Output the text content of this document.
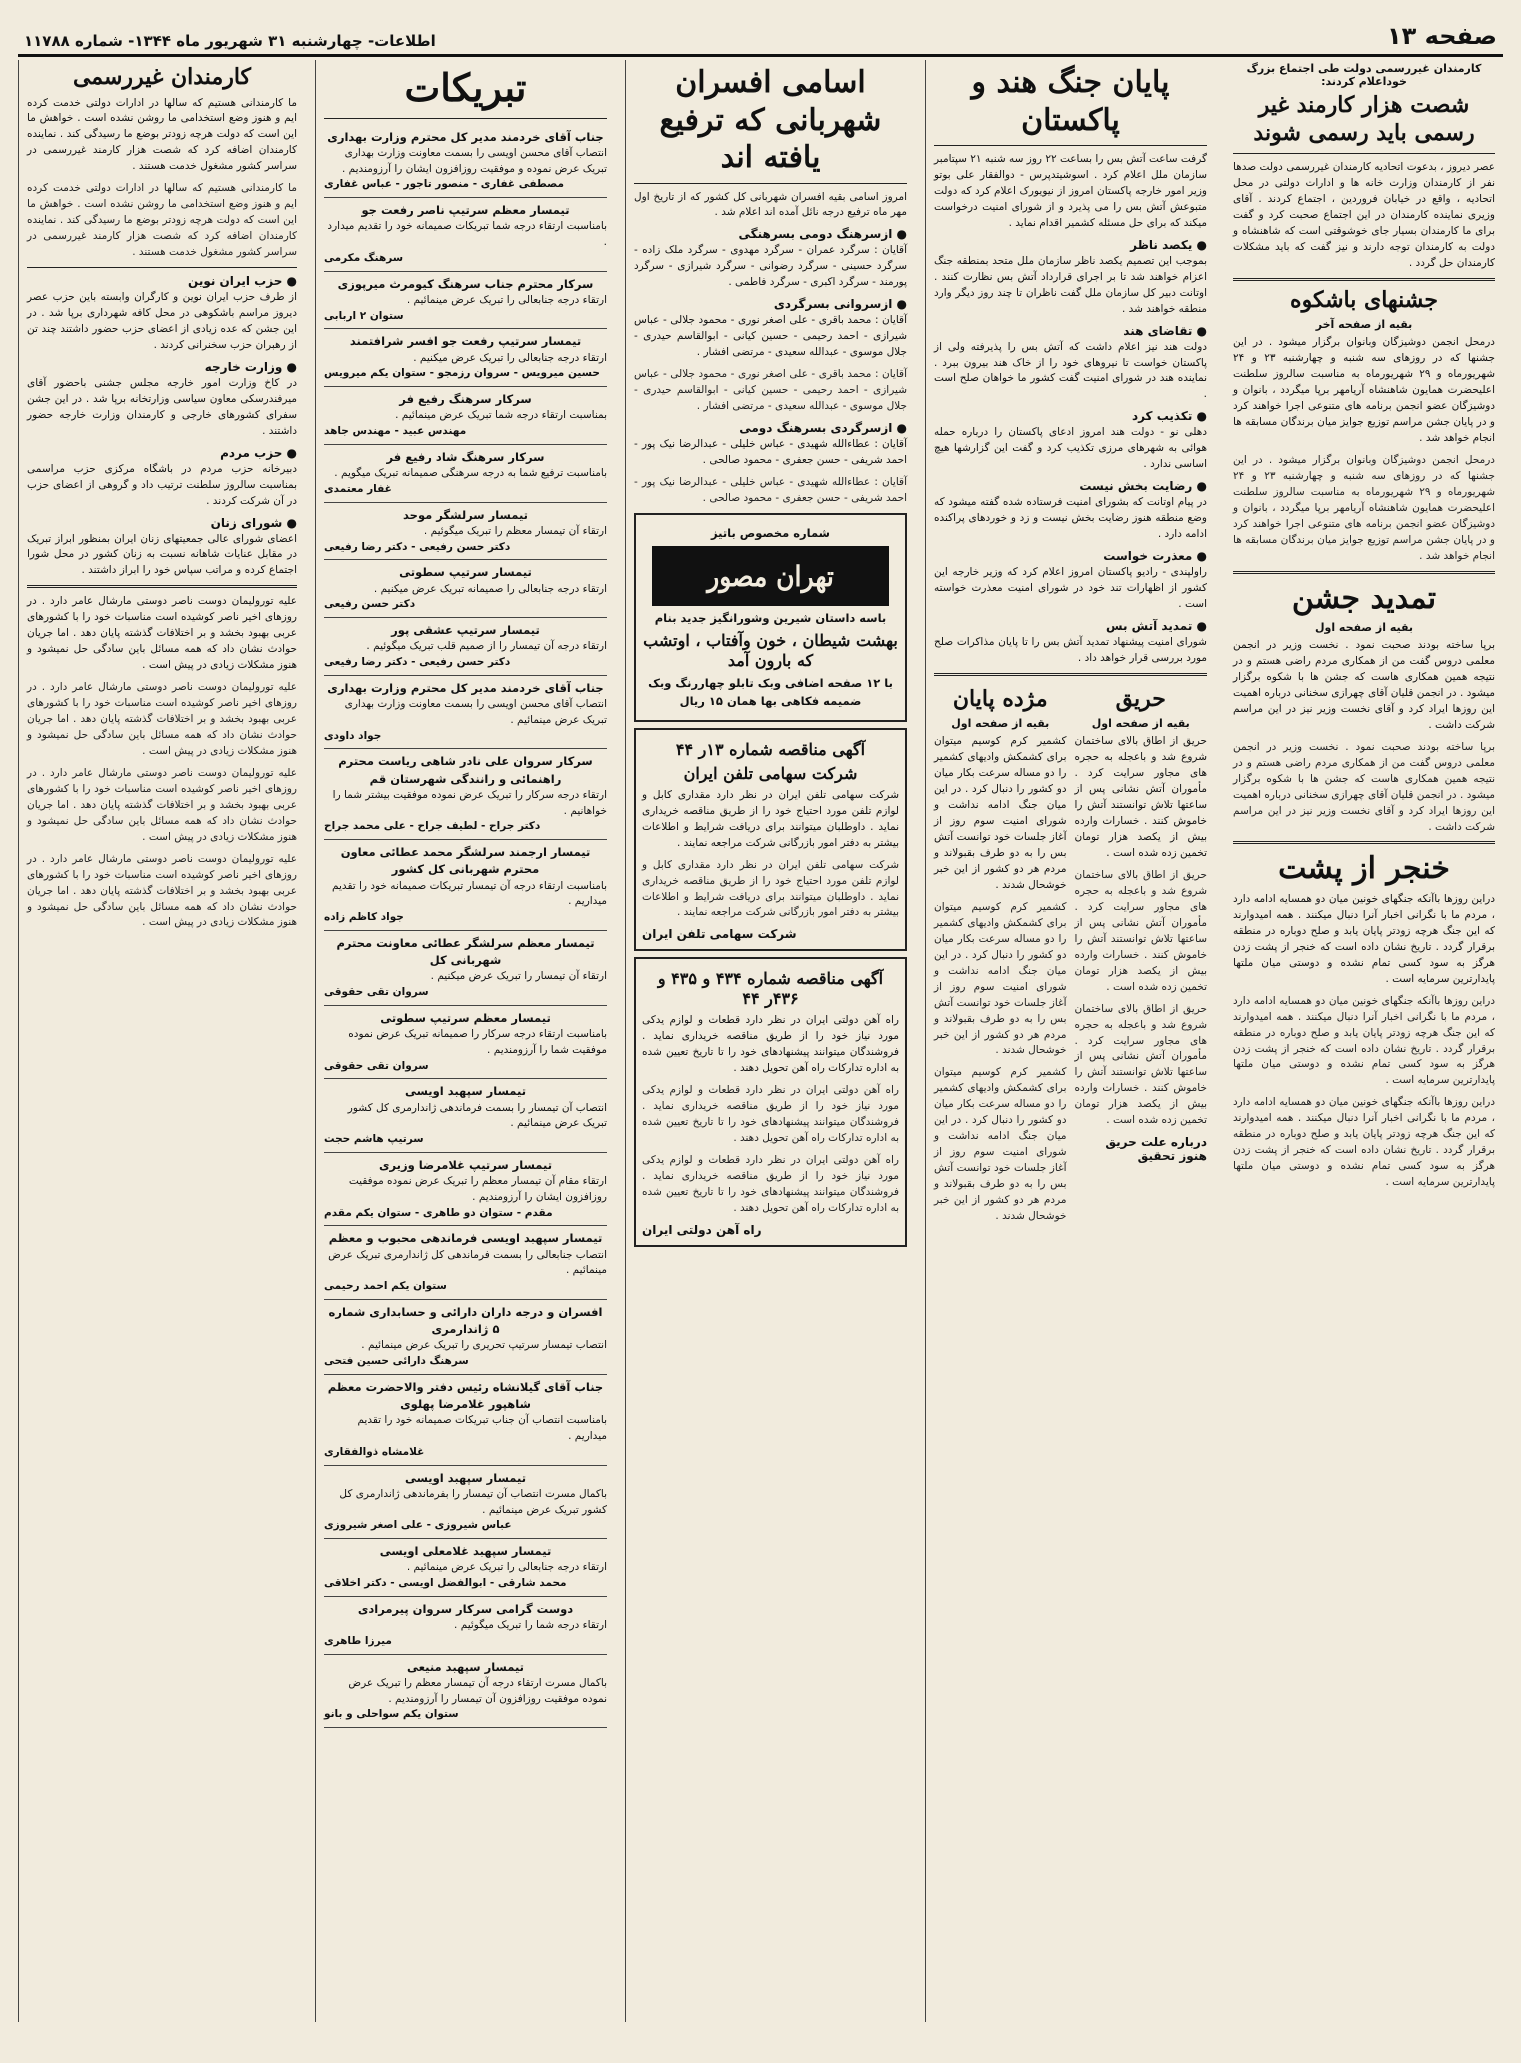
صفحه ۱۳
اطلاعات- چهارشنبه ۳۱ شهریور ماه ۱۳۴۴- شماره ۱۱۷۸۸
کارمندان غیررسمی دولت طی اجتماع بزرگ خوداعلام کردند:
شصت هزار کارمند غیر رسمی باید رسمی شوند

عصر دیروز ، بدعوت اتحادیه کارمندان غیررسمی دولت صدها نفر از کارمندان وزارت خانه ها و ادارات دولتی در محل اتحادیه ، واقع در خیابان فروردین ، اجتماع کردند . آقای وزیری نماینده کارمندان در این اجتماع صحبت کرد و گفت برای ما کارمندان بسیار جای خوشوقتی است که شاهنشاه و دولت به کارمندان توجه دارند و نیز گفت که باید مشکلات کارمندان حل گردد .

جشنهای باشکوه
بقیه از صفحه آخر

درمحل انجمن دوشیزگان وبانوان برگزار میشود . در این جشنها که در روزهای سه شنبه و چهارشنبه ۲۳ و ۲۴ شهریورماه و ۲۹ شهریورماه به مناسبت سالروز سلطنت اعلیحضرت همایون شاهنشاه آریامهر برپا میگردد ، بانوان و دوشیزگان عضو انجمن برنامه های متنوعی اجرا خواهند کرد و در پایان جشن مراسم توزیع جوایز میان برندگان مسابقه ها انجام خواهد شد .

درمحل انجمن دوشیزگان وبانوان برگزار میشود . در این جشنها که در روزهای سه شنبه و چهارشنبه ۲۳ و ۲۴ شهریورماه و ۲۹ شهریورماه به مناسبت سالروز سلطنت اعلیحضرت همایون شاهنشاه آریامهر برپا میگردد ، بانوان و دوشیزگان عضو انجمن برنامه های متنوعی اجرا خواهند کرد و در پایان جشن مراسم توزیع جوایز میان برندگان مسابقه ها انجام خواهد شد .

تمدید جشن
بقیه از صفحه اول

برپا ساخته بودند صحبت نمود . نخست وزیر در انجمن معلمی دروس گفت من از همکاری مردم راضی هستم و در نتیجه همین همکاری هاست که جشن ها با شکوه برگزار میشود . در انجمن قلیان آقای چهرازی سخنانی درباره اهمیت این روزها ایراد کرد و آقای نخست وزیر نیز در این مراسم شرکت داشت .

برپا ساخته بودند صحبت نمود . نخست وزیر در انجمن معلمی دروس گفت من از همکاری مردم راضی هستم و در نتیجه همین همکاری هاست که جشن ها با شکوه برگزار میشود . در انجمن قلیان آقای چهرازی سخنانی درباره اهمیت این روزها ایراد کرد و آقای نخست وزیر نیز در این مراسم شرکت داشت .

خنجر از پشت

دراین روزها باآنکه جنگهای خونین میان دو همسایه ادامه دارد ، مردم ما با نگرانی اخبار آنرا دنبال میکنند . همه امیدوارند که این جنگ هرچه زودتر پایان یابد و صلح دوباره در منطقه برقرار گردد . تاریخ نشان داده است که خنجر از پشت زدن هرگز به سود کسی تمام نشده و دوستی میان ملتها پایدارترین سرمایه است .

دراین روزها باآنکه جنگهای خونین میان دو همسایه ادامه دارد ، مردم ما با نگرانی اخبار آنرا دنبال میکنند . همه امیدوارند که این جنگ هرچه زودتر پایان یابد و صلح دوباره در منطقه برقرار گردد . تاریخ نشان داده است که خنجر از پشت زدن هرگز به سود کسی تمام نشده و دوستی میان ملتها پایدارترین سرمایه است .

دراین روزها باآنکه جنگهای خونین میان دو همسایه ادامه دارد ، مردم ما با نگرانی اخبار آنرا دنبال میکنند . همه امیدوارند که این جنگ هرچه زودتر پایان یابد و صلح دوباره در منطقه برقرار گردد . تاریخ نشان داده است که خنجر از پشت زدن هرگز به سود کسی تمام نشده و دوستی میان ملتها پایدارترین سرمایه است .

پایان جنگ هند و پاکستان

گرفت ساعت آتش بس را بساعت ۲۲ روز سه شنبه ۲۱ سپتامبر سازمان ملل اعلام کرد . اسوشیتدپرس - دوالفقار علی بوتو وزیر امور خارجه پاکستان امروز از نیویورک اعلام کرد که دولت متبوعش آتش بس را می پذیرد و از شورای امنیت درخواست میکند که برای حل مسئله کشمیر اقدام نماید .

● یکصد ناظر

بموجب این تصمیم یکصد ناظر سازمان ملل متحد بمنطقه جنگ اعزام خواهند شد تا بر اجرای قرارداد آتش بس نظارت کنند . اوتانت دبیر کل سازمان ملل گفت ناظران تا چند روز دیگر وارد منطقه خواهند شد .

● تقاضای هند

دولت هند نیز اعلام داشت که آتش بس را پذیرفته ولی از پاکستان خواست تا نیروهای خود را از خاک هند بیرون ببرد . نماینده هند در شورای امنیت گفت کشور ما خواهان صلح است .

● تکذیب کرد

دهلی نو - دولت هند امروز ادعای پاکستان را درباره حمله هوائی به شهرهای مرزی تکذیب کرد و گفت این گزارشها هیچ اساسی ندارد .

● رضایت بخش نیست

در پیام اوتانت که بشورای امنیت فرستاده شده گفته میشود که وضع منطقه هنوز رضایت بخش نیست و زد و خوردهای پراکنده ادامه دارد .

● معذرت خواست

راولپندی - رادیو پاکستان امروز اعلام کرد که وزیر خارجه این کشور از اظهارات تند خود در شورای امنیت معذرت خواسته است .

● تمدید آتش بس

شورای امنیت پیشنهاد تمدید آتش بس را تا پایان مذاکرات صلح مورد بررسی قرار خواهد داد .

حریق
بقیه از صفحه اول

حریق از اطاق بالای ساختمان شروع شد و باعجله به حجره های مجاور سرایت کرد . مأموران آتش نشانی پس از ساعتها تلاش توانستند آتش را خاموش کنند . خسارات وارده بیش از یکصد هزار تومان تخمین زده شده است .

حریق از اطاق بالای ساختمان شروع شد و باعجله به حجره های مجاور سرایت کرد . مأموران آتش نشانی پس از ساعتها تلاش توانستند آتش را خاموش کنند . خسارات وارده بیش از یکصد هزار تومان تخمین زده شده است .

حریق از اطاق بالای ساختمان شروع شد و باعجله به حجره های مجاور سرایت کرد . مأموران آتش نشانی پس از ساعتها تلاش توانستند آتش را خاموش کنند . خسارات وارده بیش از یکصد هزار تومان تخمین زده شده است .

درباره علت حریق هنوز تحقیق
مژده پایان
بقیه از صفحه اول

کشمیر کرم کوسیم میتوان برای کشمکش وادیهای کشمیر را دو مساله سرعت بکار میان دو کشور را دنبال کرد . در این میان جنگ ادامه نداشت و شورای امنیت سوم روز از آغاز جلسات خود توانست آتش بس را به دو طرف بقبولاند و مردم هر دو کشور از این خبر خوشحال شدند .

کشمیر کرم کوسیم میتوان برای کشمکش وادیهای کشمیر را دو مساله سرعت بکار میان دو کشور را دنبال کرد . در این میان جنگ ادامه نداشت و شورای امنیت سوم روز از آغاز جلسات خود توانست آتش بس را به دو طرف بقبولاند و مردم هر دو کشور از این خبر خوشحال شدند .

کشمیر کرم کوسیم میتوان برای کشمکش وادیهای کشمیر را دو مساله سرعت بکار میان دو کشور را دنبال کرد . در این میان جنگ ادامه نداشت و شورای امنیت سوم روز از آغاز جلسات خود توانست آتش بس را به دو طرف بقبولاند و مردم هر دو کشور از این خبر خوشحال شدند .

اسامی افسران شهربانی که ترفیع یافته اند

امروز اسامی بقیه افسران شهربانی کل کشور که از تاریخ اول مهر ماه ترفیع درجه نائل آمده اند اعلام شد .

● ازسرهنگ دومی بسرهنگی

آقایان : سرگرد عمران - سرگرد مهدوی - سرگرد ملک زاده - سرگرد حسینی - سرگرد رضوانی - سرگرد شیرازی - سرگرد پورمند - سرگرد اکبری - سرگرد فاطمی .

● ازسروانی بسرگردی

آقایان : محمد باقری - علی اصغر نوری - محمود جلالی - عباس شیرازی - احمد رحیمی - حسین کیانی - ابوالقاسم حیدری - جلال موسوی - عبدالله سعیدی - مرتضی افشار .

آقایان : محمد باقری - علی اصغر نوری - محمود جلالی - عباس شیرازی - احمد رحیمی - حسین کیانی - ابوالقاسم حیدری - جلال موسوی - عبدالله سعیدی - مرتضی افشار .

● ازسرگردی بسرهنگ دومی

آقایان : عطاءالله شهیدی - عباس خلیلی - عبدالرضا نیک پور - احمد شریفی - حسن جعفری - محمود صالحی .

آقایان : عطاءالله شهیدی - عباس خلیلی - عبدالرضا نیک پور - احمد شریفی - حسن جعفری - محمود صالحی .

شماره مخصوص باتیز
تهران مصور
باسه داستان شیرین وشورانگیز جدید بنام
بهشت شیطان ، خون وآفتاب ، اوتشب که بارون آمد
با ۱۲ صفحه اضافی وبک تابلو چهاررنگ وبک ضمیمه فکاهی بها همان ۱۵ ریال
آگهی مناقصه شماره ۱۳ر ۴۴
شرکت سهامی تلفن ایران

شرکت سهامی تلفن ایران در نظر دارد مقداری کابل و لوازم تلفن مورد احتیاج خود را از طریق مناقصه خریداری نماید . داوطلبان میتوانند برای دریافت شرایط و اطلاعات بیشتر به دفتر امور بازرگانی شرکت مراجعه نمایند .

شرکت سهامی تلفن ایران در نظر دارد مقداری کابل و لوازم تلفن مورد احتیاج خود را از طریق مناقصه خریداری نماید . داوطلبان میتوانند برای دریافت شرایط و اطلاعات بیشتر به دفتر امور بازرگانی شرکت مراجعه نمایند .

شرکت سهامی تلفن ایران
آگهی مناقصه شماره ۴۳۴ و ۴۳۵ و ۴۳۶ر ۴۴

راه آهن دولتی ایران در نظر دارد قطعات و لوازم یدکی مورد نیاز خود را از طریق مناقصه خریداری نماید . فروشندگان میتوانند پیشنهادهای خود را تا تاریخ تعیین شده به اداره تدارکات راه آهن تحویل دهند .

راه آهن دولتی ایران در نظر دارد قطعات و لوازم یدکی مورد نیاز خود را از طریق مناقصه خریداری نماید . فروشندگان میتوانند پیشنهادهای خود را تا تاریخ تعیین شده به اداره تدارکات راه آهن تحویل دهند .

راه آهن دولتی ایران در نظر دارد قطعات و لوازم یدکی مورد نیاز خود را از طریق مناقصه خریداری نماید . فروشندگان میتوانند پیشنهادهای خود را تا تاریخ تعیین شده به اداره تدارکات راه آهن تحویل دهند .

راه آهن دولتی ایران
تبریکات
جناب آقای خردمند مدیر کل محترم وزارت بهداری
انتصاب آقای محسن اویسی را بسمت معاونت وزارت بهداری تبریک عرض نموده و موفقیت روزافزون ایشان را آرزومندیم .
مصطفی غفاری - منصور تاجور - عباس غفاری
تیمسار معظم سرتیپ ناصر رفعت جو
بامناسبت ارتقاء درجه شما تبریکات صمیمانه خود را تقدیم میدارد .
سرهنگ مکرمی
سرکار محترم جناب سرهنگ کیومرث میرپوزی
ارتقاء درجه جنابعالی را تبریک عرض مینمائیم .
ستوان ۲ اربابی
تیمسار سرتیپ رفعت جو افسر شرافتمند
ارتقاء درجه جنابعالی را تبریک عرض میکنیم .
حسین میرویس - سروان رزمجو - ستوان یکم میرویس
سرکار سرهنگ رفیع فر
بمناسبت ارتقاء درجه شما تبریک عرض مینمائیم .
مهندس عبید - مهندس جاهد
سرکار سرهنگ شاد رفیع فر
بامناسبت ترفیع شما به درجه سرهنگی صمیمانه تبریک میگویم .
غفار معتمدی
تیمسار سرلشگر موحد
ارتقاء آن تیمسار معظم را تبریک میگوئیم .
دکتر حسن رفیعی - دکتر رضا رفیعی
تیمسار سرتیپ سطوتی
ارتقاء درجه جنابعالی را صمیمانه تبریک عرض میکنیم .
دکتر حسن رفیعی
تیمسار سرتیپ عشقی پور
ارتقاء درجه آن تیمسار را از صمیم قلب تبریک میگوئیم .
دکتر حسن رفیعی - دکتر رضا رفیعی
جناب آقای خردمند مدیر کل محترم وزارت بهداری
انتصاب آقای محسن اویسی را بسمت معاونت وزارت بهداری تبریک عرض مینمائیم .
جواد داودی
سرکار سروان علی نادر شاهی ریاست محترم راهنمائی و رانندگی شهرستان قم
ارتقاء درجه سرکار را تبریک عرض نموده موفقیت بیشتر شما را خواهانیم .
دکتر جراح - لطیف جراح - علی محمد جراح
تیمسار ارجمند سرلشگر محمد عطائی معاون محترم شهربانی کل کشور
بامناسبت ارتقاء درجه آن تیمسار تبریکات صمیمانه خود را تقدیم میداریم .
جواد کاظم زاده
تیمسار معظم سرلشگر عطائی معاونت محترم شهربانی کل
ارتقاء آن تیمسار را تبریک عرض میکنیم .
سروان تقی حقوقی
تیمسار معظم سرتیپ سطوتی
بامناسبت ارتقاء درجه سرکار را صمیمانه تبریک عرض نموده موفقیت شما را آرزومندیم .
سروان تقی حقوقی
تیمسار سپهبد اویسی
انتصاب آن تیمسار را بسمت فرماندهی ژاندارمری کل کشور تبریک عرض مینمائیم .
سرتیپ هاشم حجت
تیمسار سرتیپ غلامرضا وزیری
ارتقاء مقام آن تیمسار معظم را تبریک عرض نموده موفقیت روزافزون ایشان را آرزومندیم .
مقدم - ستوان دو طاهری - ستوان یکم مقدم
تیمسار سپهبد اویسی فرماندهی محبوب و معظم
انتصاب جنابعالی را بسمت فرماندهی کل ژاندارمری تبریک عرض مینمائیم .
ستوان یکم احمد رحیمی
افسران و درجه داران دارائی و حسابداری شماره ۵ ژاندارمری
انتصاب تیمسار سرتیپ تحریری را تبریک عرض مینمائیم .
سرهنگ دارائی حسین فتحی
جناب آقای گیلانشاه رئیس دفتر والاحضرت معظم شاهپور غلامرضا پهلوی
بامناسبت انتصاب آن جناب تبریکات صمیمانه خود را تقدیم میداریم .
غلامشاه ذوالفقاری
تیمسار سپهبد اویسی
باکمال مسرت انتصاب آن تیمسار را بفرماندهی ژاندارمری کل کشور تبریک عرض مینمائیم .
عباس شیروزی - علی اصغر شیروزی
تیمسار سپهبد غلامعلی اویسی
ارتقاء درجه جنابعالی را تبریک عرض مینمائیم .
محمد شارقی - ابوالفضل اویسی - دکتر اخلاقی
دوست گرامی سرکار سروان پیرمرادی
ارتقاء درجه شما را تبریک میگوئیم .
میرزا طاهری
تیمسار سپهبد منیعی
باکمال مسرت ارتقاء درجه آن تیمسار معظم را تبریک عرض نموده موفقیت روزافزون آن تیمسار را آرزومندیم .
ستوان یکم سواحلی و بانو
کارمندان غیررسمی

ما کارمندانی هستیم که سالها در ادارات دولتی خدمت کرده ایم و هنوز وضع استخدامی ما روشن نشده است . خواهش ما این است که دولت هرچه زودتر بوضع ما رسیدگی کند . نماینده کارمندان اضافه کرد که شصت هزار کارمند غیررسمی در سراسر کشور مشغول خدمت هستند .

ما کارمندانی هستیم که سالها در ادارات دولتی خدمت کرده ایم و هنوز وضع استخدامی ما روشن نشده است . خواهش ما این است که دولت هرچه زودتر بوضع ما رسیدگی کند . نماینده کارمندان اضافه کرد که شصت هزار کارمند غیررسمی در سراسر کشور مشغول خدمت هستند .

● حزب ایران نوین

از طرف حزب ایران نوین و کارگران وابسته باین حزب عصر دیروز مراسم باشکوهی در محل کافه شهرداری برپا شد . در این جشن که عده زیادی از اعضای حزب حضور داشتند چند تن از رهبران حزب سخنرانی کردند .

● وزارت خارجه

در کاخ وزارت امور خارجه مجلس جشنی باحضور آقای میرفندرسکی معاون سیاسی وزارتخانه برپا شد . در این جشن سفرای کشورهای خارجی و کارمندان وزارت خارجه حضور داشتند .

● حزب مردم

دبیرخانه حزب مردم در باشگاه مرکزی حزب مراسمی بمناسبت سالروز سلطنت ترتیب داد و گروهی از اعضای حزب در آن شرکت کردند .

● شورای زنان

اعضای شورای عالی جمعیتهای زنان ایران بمنظور ابراز تبریک در مقابل عنایات شاهانه نسبت به زنان کشور در محل شورا اجتماع کرده و مراتب سپاس خود را ابراز داشتند .

علیه تورولیمان دوست ناصر دوستی مارشال عامر دارد . در روزهای اخیر ناصر کوشیده است مناسبات خود را با کشورهای عربی بهبود بخشد و بر اختلافات گذشته پایان دهد . اما جریان حوادث نشان داد که همه مسائل باین سادگی حل نمیشود و هنوز مشکلات زیادی در پیش است .

علیه تورولیمان دوست ناصر دوستی مارشال عامر دارد . در روزهای اخیر ناصر کوشیده است مناسبات خود را با کشورهای عربی بهبود بخشد و بر اختلافات گذشته پایان دهد . اما جریان حوادث نشان داد که همه مسائل باین سادگی حل نمیشود و هنوز مشکلات زیادی در پیش است .

علیه تورولیمان دوست ناصر دوستی مارشال عامر دارد . در روزهای اخیر ناصر کوشیده است مناسبات خود را با کشورهای عربی بهبود بخشد و بر اختلافات گذشته پایان دهد . اما جریان حوادث نشان داد که همه مسائل باین سادگی حل نمیشود و هنوز مشکلات زیادی در پیش است .

علیه تورولیمان دوست ناصر دوستی مارشال عامر دارد . در روزهای اخیر ناصر کوشیده است مناسبات خود را با کشورهای عربی بهبود بخشد و بر اختلافات گذشته پایان دهد . اما جریان حوادث نشان داد که همه مسائل باین سادگی حل نمیشود و هنوز مشکلات زیادی در پیش است .
